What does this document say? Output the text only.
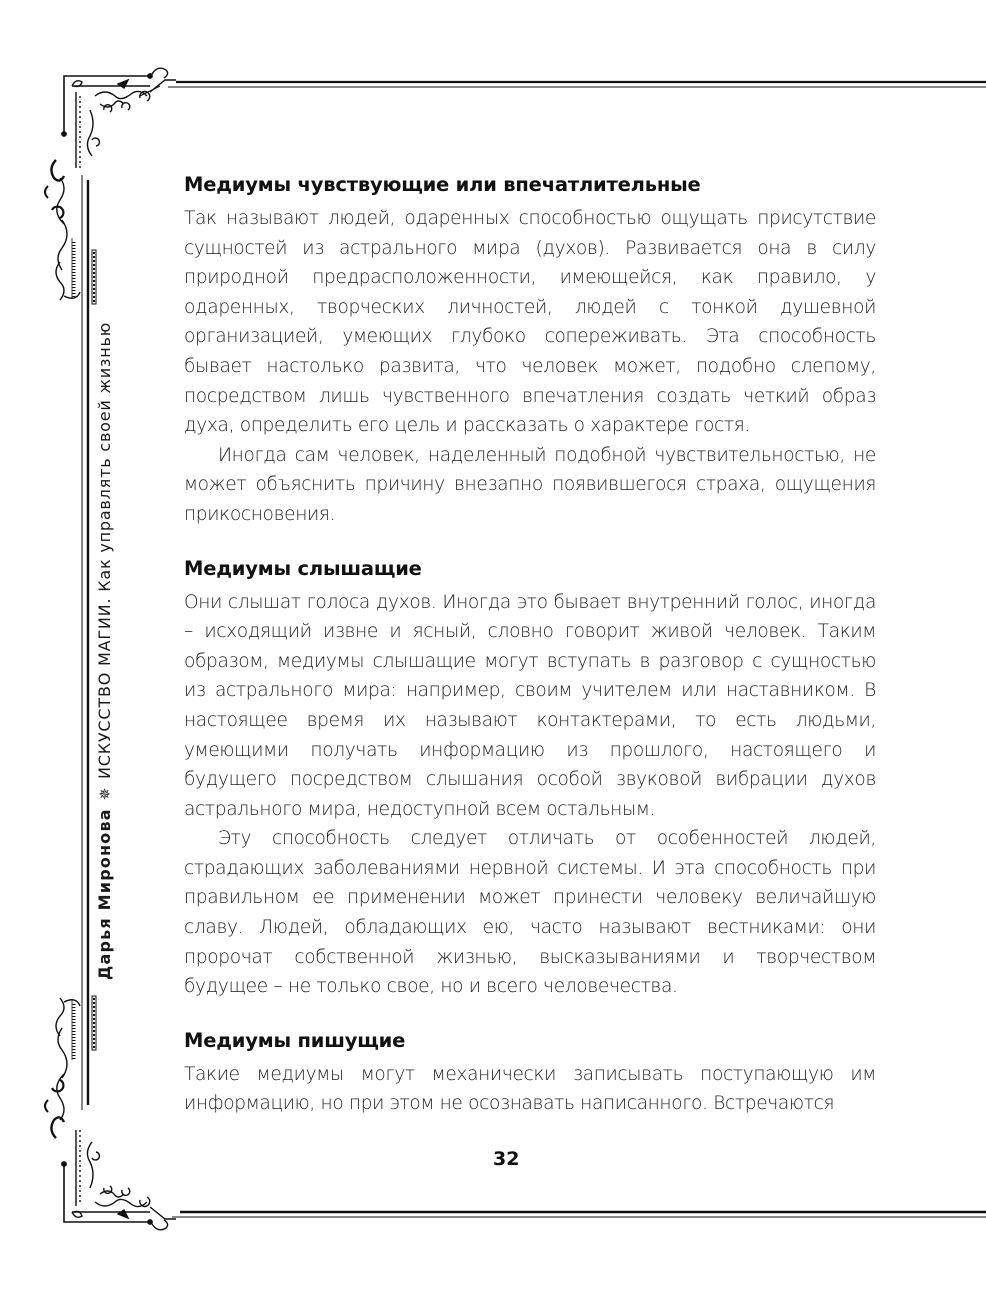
Дарья Миронова✵ИСКУССТВО МАГИИ. Как управлять своей жизнью
Медиумы чувствующие или впечатлительные

Так называют людей, одаренных способностью ощущать присутствие сущностей из астрального мира (духов). Развивается она в силу природной предрасположенности, имеющейся, как правило, у одаренных, творческих личностей, людей с тонкой душевной организацией, умеющих глубоко сопереживать. Эта способность бывает настолько развита, что человек может, подобно слепому, посредством лишь чувственного впечатления создать четкий образ духа, определить его цель и рассказать о характере гостя.

Иногда сам человек, наделенный подобной чувствительностью, не может объяснить причину внезапно появившегося страха, ощущения прикосновения.

Медиумы слышащие

Они слышат голоса духов. Иногда это бывает внутренний голос, иногда – исходящий извне и ясный, словно говорит живой человек. Таким образом, медиумы слышащие могут вступать в разговор с сущностью из астрального мира: например, своим учителем или наставником. В настоящее время их называют контактерами, то есть людьми, умеющими получать информацию из прошлого, настоящего и будущего посредством слышания особой звуковой вибрации духов астрального мира, недоступной всем остальным.

Эту способность следует отличать от особенностей людей, страдающих заболеваниями нервной системы. И эта способность при правильном ее применении может принести человеку величайшую славу. Людей, обладающих ею, часто называют вестниками: они пророчат собственной жизнью, высказываниями и творчеством будущее – не только свое, но и всего человечества.

Медиумы пишущие

Такие медиумы могут механически записывать поступающую им информацию, но при этом не осознавать написанного. Встречаются

32
